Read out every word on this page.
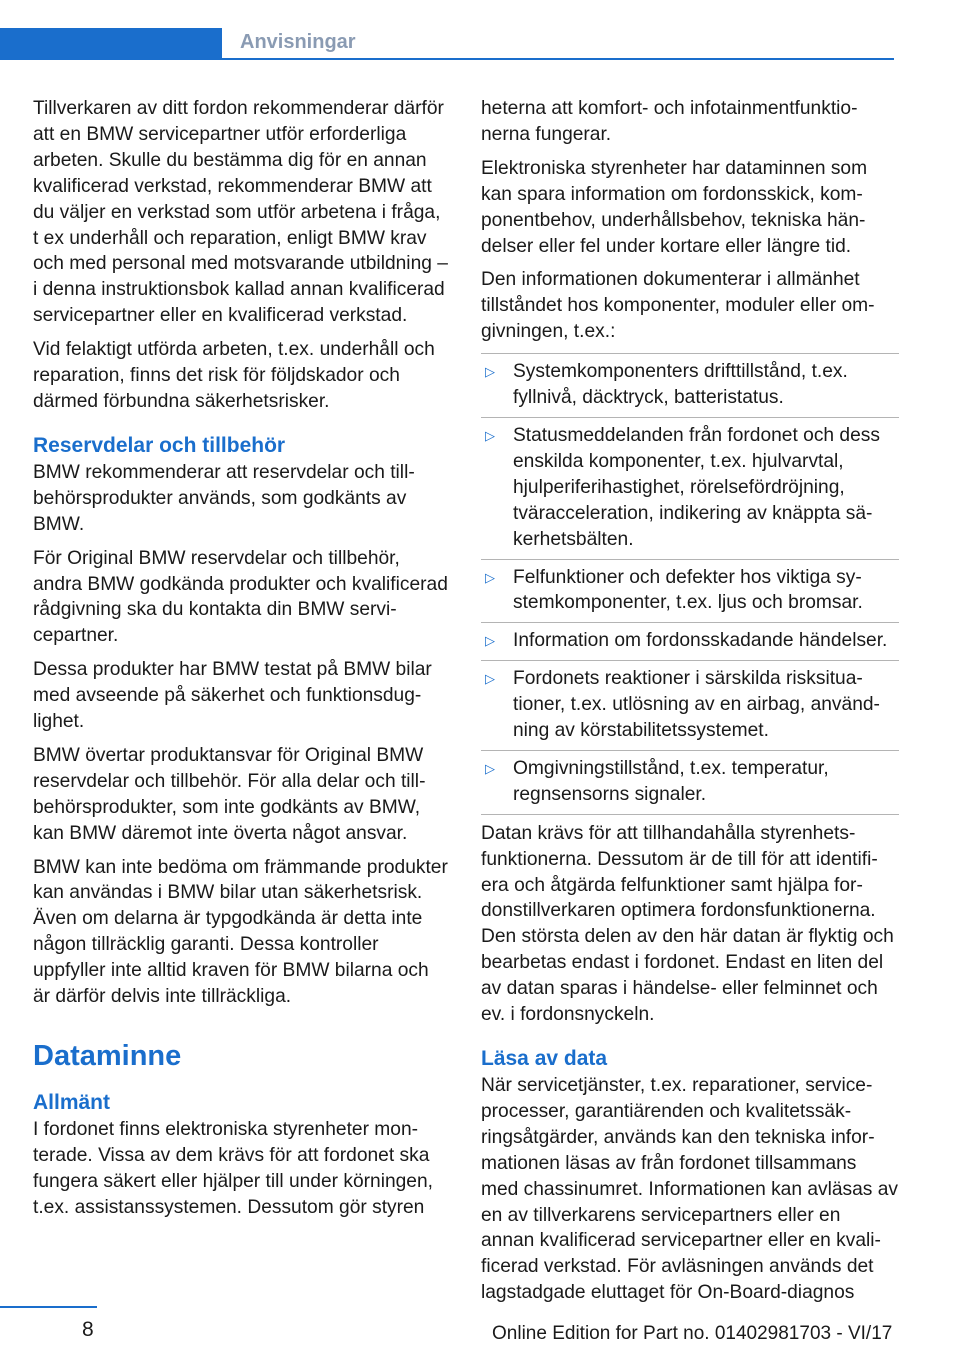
Anvisningar

Tillverkaren av ditt fordon rekommenderar därför att en BMW servicepartner utför erforderliga arbeten. Skulle du bestämma dig för en annan kvalificerad verkstad, rekommenderar BMW att du väljer en verkstad som utför arbetena i fråga, t ex underhåll och reparation, enligt BMW krav och med personal med motsvarande utbildning – i denna instruktionsbok kallad annan kvalificerad servicepartner eller en kvalificerad verkstad.

Vid felaktigt utförda arbeten, t.ex. underhåll och reparation, finns det risk för följdskador och därmed förbundna säkerhetsrisker.

Reservdelar och tillbehör

BMW rekommenderar att reservdelar och tillbehörsprodukter används, som godkänts av BMW.

För Original BMW reservdelar och tillbehör, andra BMW godkända produkter och kvalificerad rådgivning ska du kontakta din BMW servicepartner.

Dessa produkter har BMW testat på BMW bilar med avseende på säkerhet och funktionsduglighet.

BMW övertar produktansvar för Original BMW reservdelar och tillbehör. För alla delar och tillbehörsprodukter, som inte godkänts av BMW, kan BMW däremot inte överta något ansvar.

BMW kan inte bedöma om främmande produkter kan användas i BMW bilar utan säkerhetsrisk. Även om delarna är typgodkända är detta inte någon tillräcklig garanti. Dessa kontroller uppfyller inte alltid kraven för BMW bilarna och är därför delvis inte tillräckliga.

Dataminne
Allmänt

I fordonet finns elektroniska styrenheter monterade. Vissa av dem krävs för att fordonet ska fungera säkert eller hjälper till under körningen, t.ex. assistanssystemen. Dessutom gör styren

heterna att komfort- och infotainmentfunktionerna fungerar.

Elektroniska styrenheter har dataminnen som kan spara information om fordonsskick, komponentbehov, underhållsbehov, tekniska händelser eller fel under kortare eller längre tid.

Den informationen dokumenterar i allmänhet tillståndet hos komponenter, moduler eller omgivningen, t.ex.:

▷ Systemkomponenters drifttillstånd, t.ex. fyllnivå, däcktryck, batteristatus.
▷ Statusmeddelanden från fordonet och dess enskilda komponenter, t.ex. hjulvarvtal, hjulperiferihastighet, rörelsefördröjning, tväracceleration, indikering av knäppta säkerhetsbälten.
▷ Felfunktioner och defekter hos viktiga systemkomponenter, t.ex. ljus och bromsar.
▷ Information om fordonsskadande händelser.
▷ Fordonets reaktioner i särskilda risksituationer, t.ex. utlösning av en airbag, användning av körstabilitetssystemet.
▷ Omgivningstillstånd, t.ex. temperatur, regnsensorns signaler.

Datan krävs för att tillhandahålla styrenhetsfunktionerna. Dessutom är de till för att identifiera och åtgärda felfunktioner samt hjälpa fordonstillverkaren optimera fordonsfunktionerna. Den största delen av den här datan är flyktig och bearbetas endast i fordonet. Endast en liten del av datan sparas i händelse- eller felminnet och ev. i fordonsnyckeln.

Läsa av data

När servicetjänster, t.ex. reparationer, serviceprocesser, garantiärenden och kvalitetssäkringsåtgärder, används kan den tekniska informationen läsas av från fordonet tillsammans med chassinumret. Informationen kan avläsas av en av tillverkarens servicepartners eller en annan kvalificerad servicepartner eller en kvalificerad verkstad. För avläsningen används det lagstadgade eluttaget för On-Board-diagnos

8	Online Edition for Part no. 01402981703 - VI/17
